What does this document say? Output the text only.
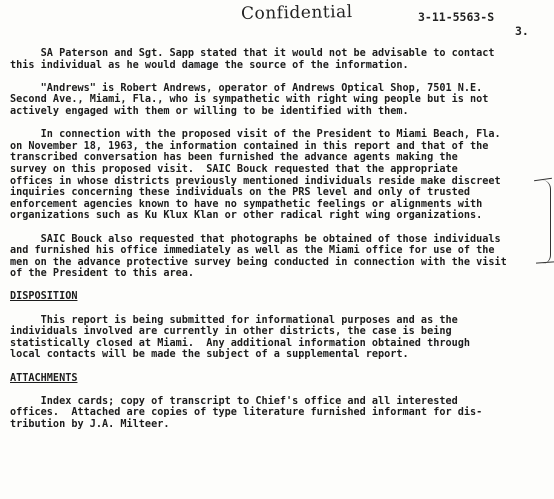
Confidential	3-11-5563-S
3.
SA Paterson and Sgt. Sapp stated that it would not be advisable to contact
this individual as he would damage the source of the information.
"Andrews" is Robert Andrews, operator of Andrews Optical Shop, 7501 N.E.
Second Ave., Miami, Fla., who is sympathetic with right wing people but is not
actively engaged with them or willing to be identified with them.
In connection with the proposed visit of the President to Miami Beach, Fla.
on November 18, 1963, the information contained in this report and that of the
transcribed conversation has been furnished the advance agents making the
survey on this proposed visit.  SAIC Bouck requested that the appropriate
offices in whose districts previously mentioned individuals reside make discreet
inquiries concerning these individuals on the PRS level and only of trusted
enforcement agencies known to have no sympathetic feelings or alignments with
organizations such as Ku Klux Klan or other radical right wing organizations.
SAIC Bouck also requested that photographs be obtained of those individuals
and furnished his office immediately as well as the Miami office for use of the
men on the advance protective survey being conducted in connection with the visit
of the President to this area.
DISPOSITION
This report is being submitted for informational purposes and as the
individuals involved are currently in other districts, the case is being
statistically closed at Miami.  Any additional information obtained through
local contacts will be made the subject of a supplemental report.
ATTACHMENTS
Index cards; copy of transcript to Chief's office and all interested
offices.  Attached are copies of type literature furnished informant for dis-
tribution by J.A. Milteer.
